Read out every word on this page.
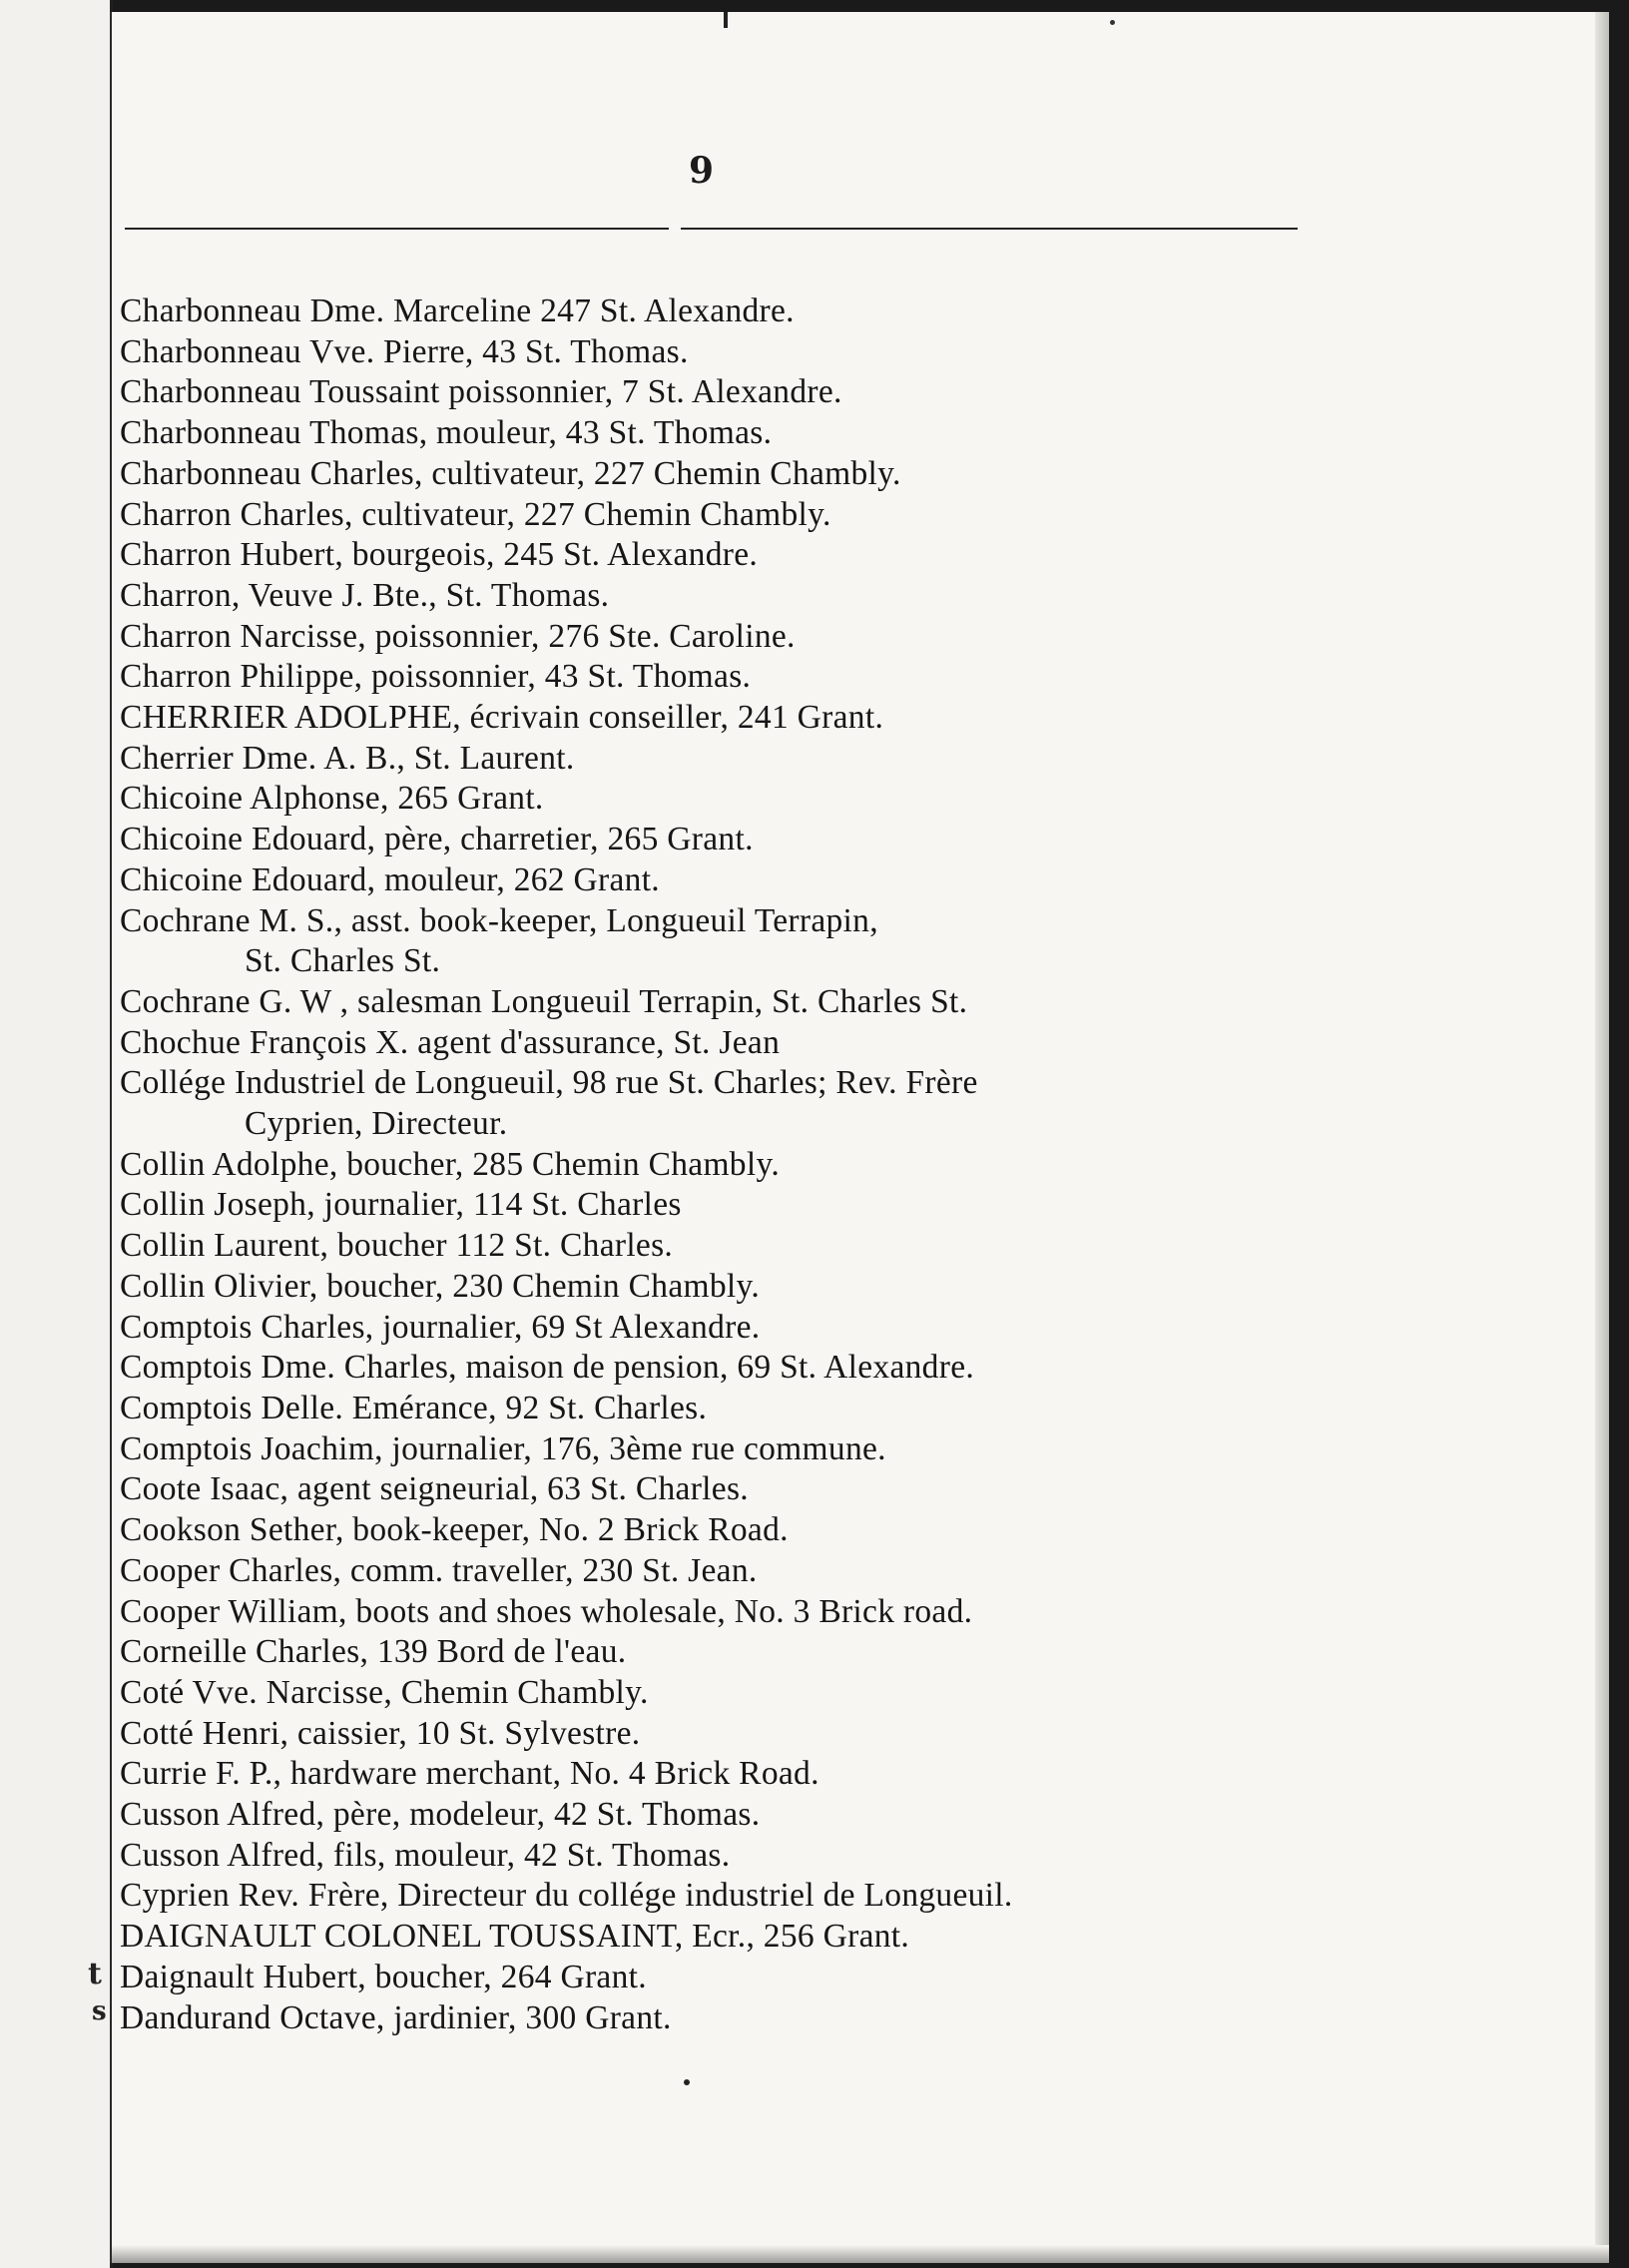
t
s
9
Charbonneau Dme. Marceline 247 St. Alexandre.
Charbonneau Vve. Pierre, 43 St. Thomas.
Charbonneau Toussaint poissonnier, 7 St. Alexandre.
Charbonneau Thomas, mouleur, 43 St. Thomas.
Charbonneau Charles, cultivateur, 227 Chemin Chambly.
Charron Charles, cultivateur, 227 Chemin Chambly.
Charron Hubert, bourgeois, 245 St. Alexandre.
Charron, Veuve J. Bte., St. Thomas.
Charron Narcisse, poissonnier, 276 Ste. Caroline.
Charron Philippe, poissonnier, 43 St. Thomas.
CHERRIER ADOLPHE, écrivain conseiller, 241 Grant.
Cherrier Dme. A. B., St. Laurent.
Chicoine Alphonse, 265 Grant.
Chicoine Edouard, père, charretier, 265 Grant.
Chicoine Edouard, mouleur, 262 Grant.
Cochrane M. S., asst. book-keeper, Longueuil Terrapin,
St. Charles St.
Cochrane G. W , salesman Longueuil Terrapin, St. Charles St.
Chochue François X. agent d'assurance, St. Jean
Collége Industriel de Longueuil, 98 rue St. Charles; Rev. Frère
Cyprien, Directeur.
Collin Adolphe, boucher, 285 Chemin Chambly.
Collin Joseph, journalier, 114 St. Charles
Collin Laurent, boucher 112 St. Charles.
Collin Olivier, boucher, 230 Chemin Chambly.
Comptois Charles, journalier, 69 St Alexandre.
Comptois Dme. Charles, maison de pension, 69 St. Alexandre.
Comptois Delle. Emérance, 92 St. Charles.
Comptois Joachim, journalier, 176, 3ème rue commune.
Coote Isaac, agent seigneurial, 63 St. Charles.
Cookson Sether, book-keeper, No. 2 Brick Road.
Cooper Charles, comm. traveller, 230 St. Jean.
Cooper William, boots and shoes wholesale, No. 3 Brick road.
Corneille Charles, 139 Bord de l'eau.
Coté Vve. Narcisse, Chemin Chambly.
Cotté Henri, caissier, 10 St. Sylvestre.
Currie F. P., hardware merchant, No. 4 Brick Road.
Cusson Alfred, père, modeleur, 42 St. Thomas.
Cusson Alfred, fils, mouleur, 42 St. Thomas.
Cyprien Rev. Frère, Directeur du collége industriel de Longueuil.
DAIGNAULT COLONEL TOUSSAINT, Ecr., 256 Grant.
Daignault Hubert, boucher, 264 Grant.
Dandurand Octave, jardinier, 300 Grant.
